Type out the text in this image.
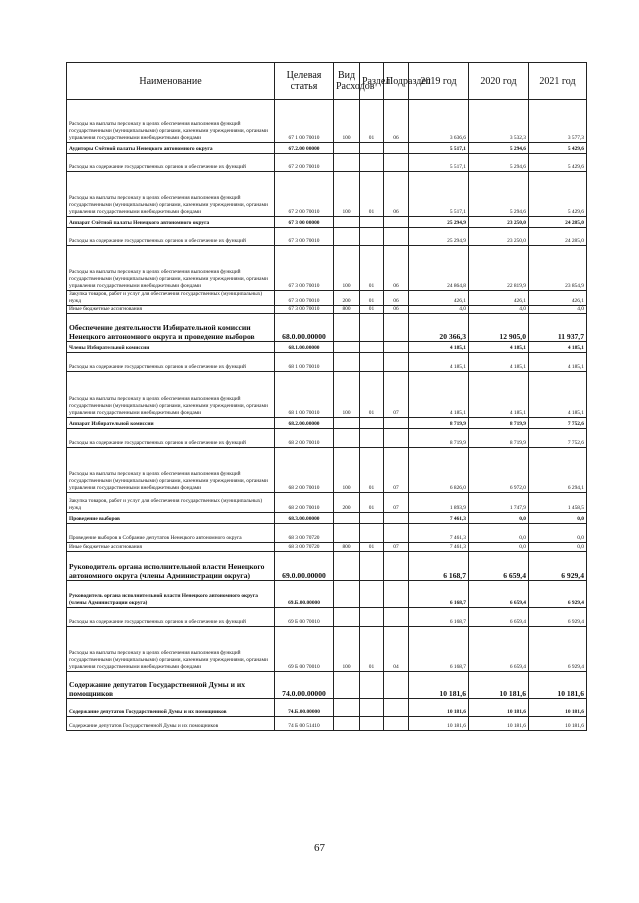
Наименование	Целевая статья	Вид Расходов	Раздел	Подраздел	2019 год	2020 год	2021 год
Расходы на выплаты персоналу в целях обеспечения выполнения функций государственными (муниципальными) органами, казенными учреждениями, органами управления государственными внебюджетными фондами	67 1 00 70010	100	01	06	3 636,6	3 532,3	3 577,3
Аудиторы Счётной палаты Ненецкого автономного округа	67.2.00 00000				5 517,1	5 294,6	5 429,6
Расходы на содержание государственных органов и обеспечение их функций	67 2 00 70010				5 517,1	5 294,6	5 429,6
Расходы на выплаты персоналу в целях обеспечения выполнения функций государственными (муниципальными) органами, казенными учреждениями, органами управления государственными внебюджетными фондами	67 2 00 70010	100	01	06	5 517,1	5 294,6	5 429,6
Аппарат Счётной палаты Ненецкого автономного округа	67 3 00 00000				25 294,9	23 250,0	24 285,0
Расходы на содержание государственных органов и обеспечение их функций	67 3 00 70010				25 294,9	23 250,0	24 285,0
Расходы на выплаты персоналу в целях обеспечения выполнения функций государственными (муниципальными) органами, казенными учреждениями, органами управления государственными внебюджетными фондами	67 3 00 70010	100	01	06	24 864,8	22 819,9	23 854,9
Закупка товаров, работ и услуг для обеспечения государственных (муниципальных) нужд	67 3 00 70010	200	01	06	426,1	426,1	426,1
Иные бюджетные ассигнования	67 3 00 70010	800	01	06	4,0	4,0	4,0
Обеспечение деятельности Избирательной комиссии Ненецкого автономного округа и проведение выборов	68.0.00.00000				20 366,3	12 905,0	11 937,7
Члены Избирательной комиссии	68.1.00.00000				4 185,1	4 185,1	4 185,1
Расходы на содержание государственных органов и обеспечение их функций	68 1 00 70010				4 185,1	4 185,1	4 185,1
Расходы на выплаты персоналу в целях обеспечения выполнения функций государственными (муниципальными) органами, казенными учреждениями, органами управления государственными внебюджетными фондами	68 1 00 70010	100	01	07	4 185,1	4 185,1	4 185,1
Аппарат Избирательной комиссии	68.2.00.00000				8 719,9	8 719,9	7 752,6
Расходы на содержание государственных органов и обеспечение их функций	68 2 00 70010				8 719,9	8 719,9	7 752,6
Расходы на выплаты персоналу в целях обеспечения выполнения функций государственными (муниципальными) органами, казенными учреждениями, органами управления государственными внебюджетными фондами	68 2 00 70010	100	01	07	6 826,0	6 972,0	6 294,1
Закупка товаров, работ и услуг для обеспечения государственных (муниципальных) нужд	68 2 00 70010	200	01	07	1 893,9	1 747,9	1 458,5
Проведение выборов	68.3.00.00000				7 461,3	0,0	0,0
Проведение выборов в Собрание депутатов Ненецкого автономного округа	68 3 00 70720				7 461,3	0,0	0,0
Иные бюджетные ассигнования	68 3 00 70720	800	01	07	7 461,3	0,0	0,0
Руководитель органа исполнительной власти Ненецкого автономного округа (члены Администрации округа)	69.0.00.00000				6 168,7	6 659,4	6 929,4
Руководитель органа исполнительной власти Ненецкого автономного округа (члены Администрации округа)	69.Б.00.00000				6 168,7	6 659,4	6 929,4
Расходы на содержание государственных органов и обеспечение их функций	69 Б 00 70010				6 168,7	6 659,4	6 929,4
Расходы на выплаты персоналу в целях обеспечения выполнения функций государственными (муниципальными) органами, казенными учреждениями, органами управления государственными внебюджетными фондами	69 Б 00 70010	100	01	04	6 168,7	6 659,4	6 929,4
Содержание депутатов Государственной Думы и их помощников	74.0.00.00000				10 181,6	10 181,6	10 181,6
Содержание депутатов Государственной Думы и их помощников	74.Б.00.00000				10 181,6	10 181,6	10 181,6
Содержание депутатов Государственной Думы и их помощников	74 Б 00 51410				10 181,6	10 181,6	10 181,6
67
